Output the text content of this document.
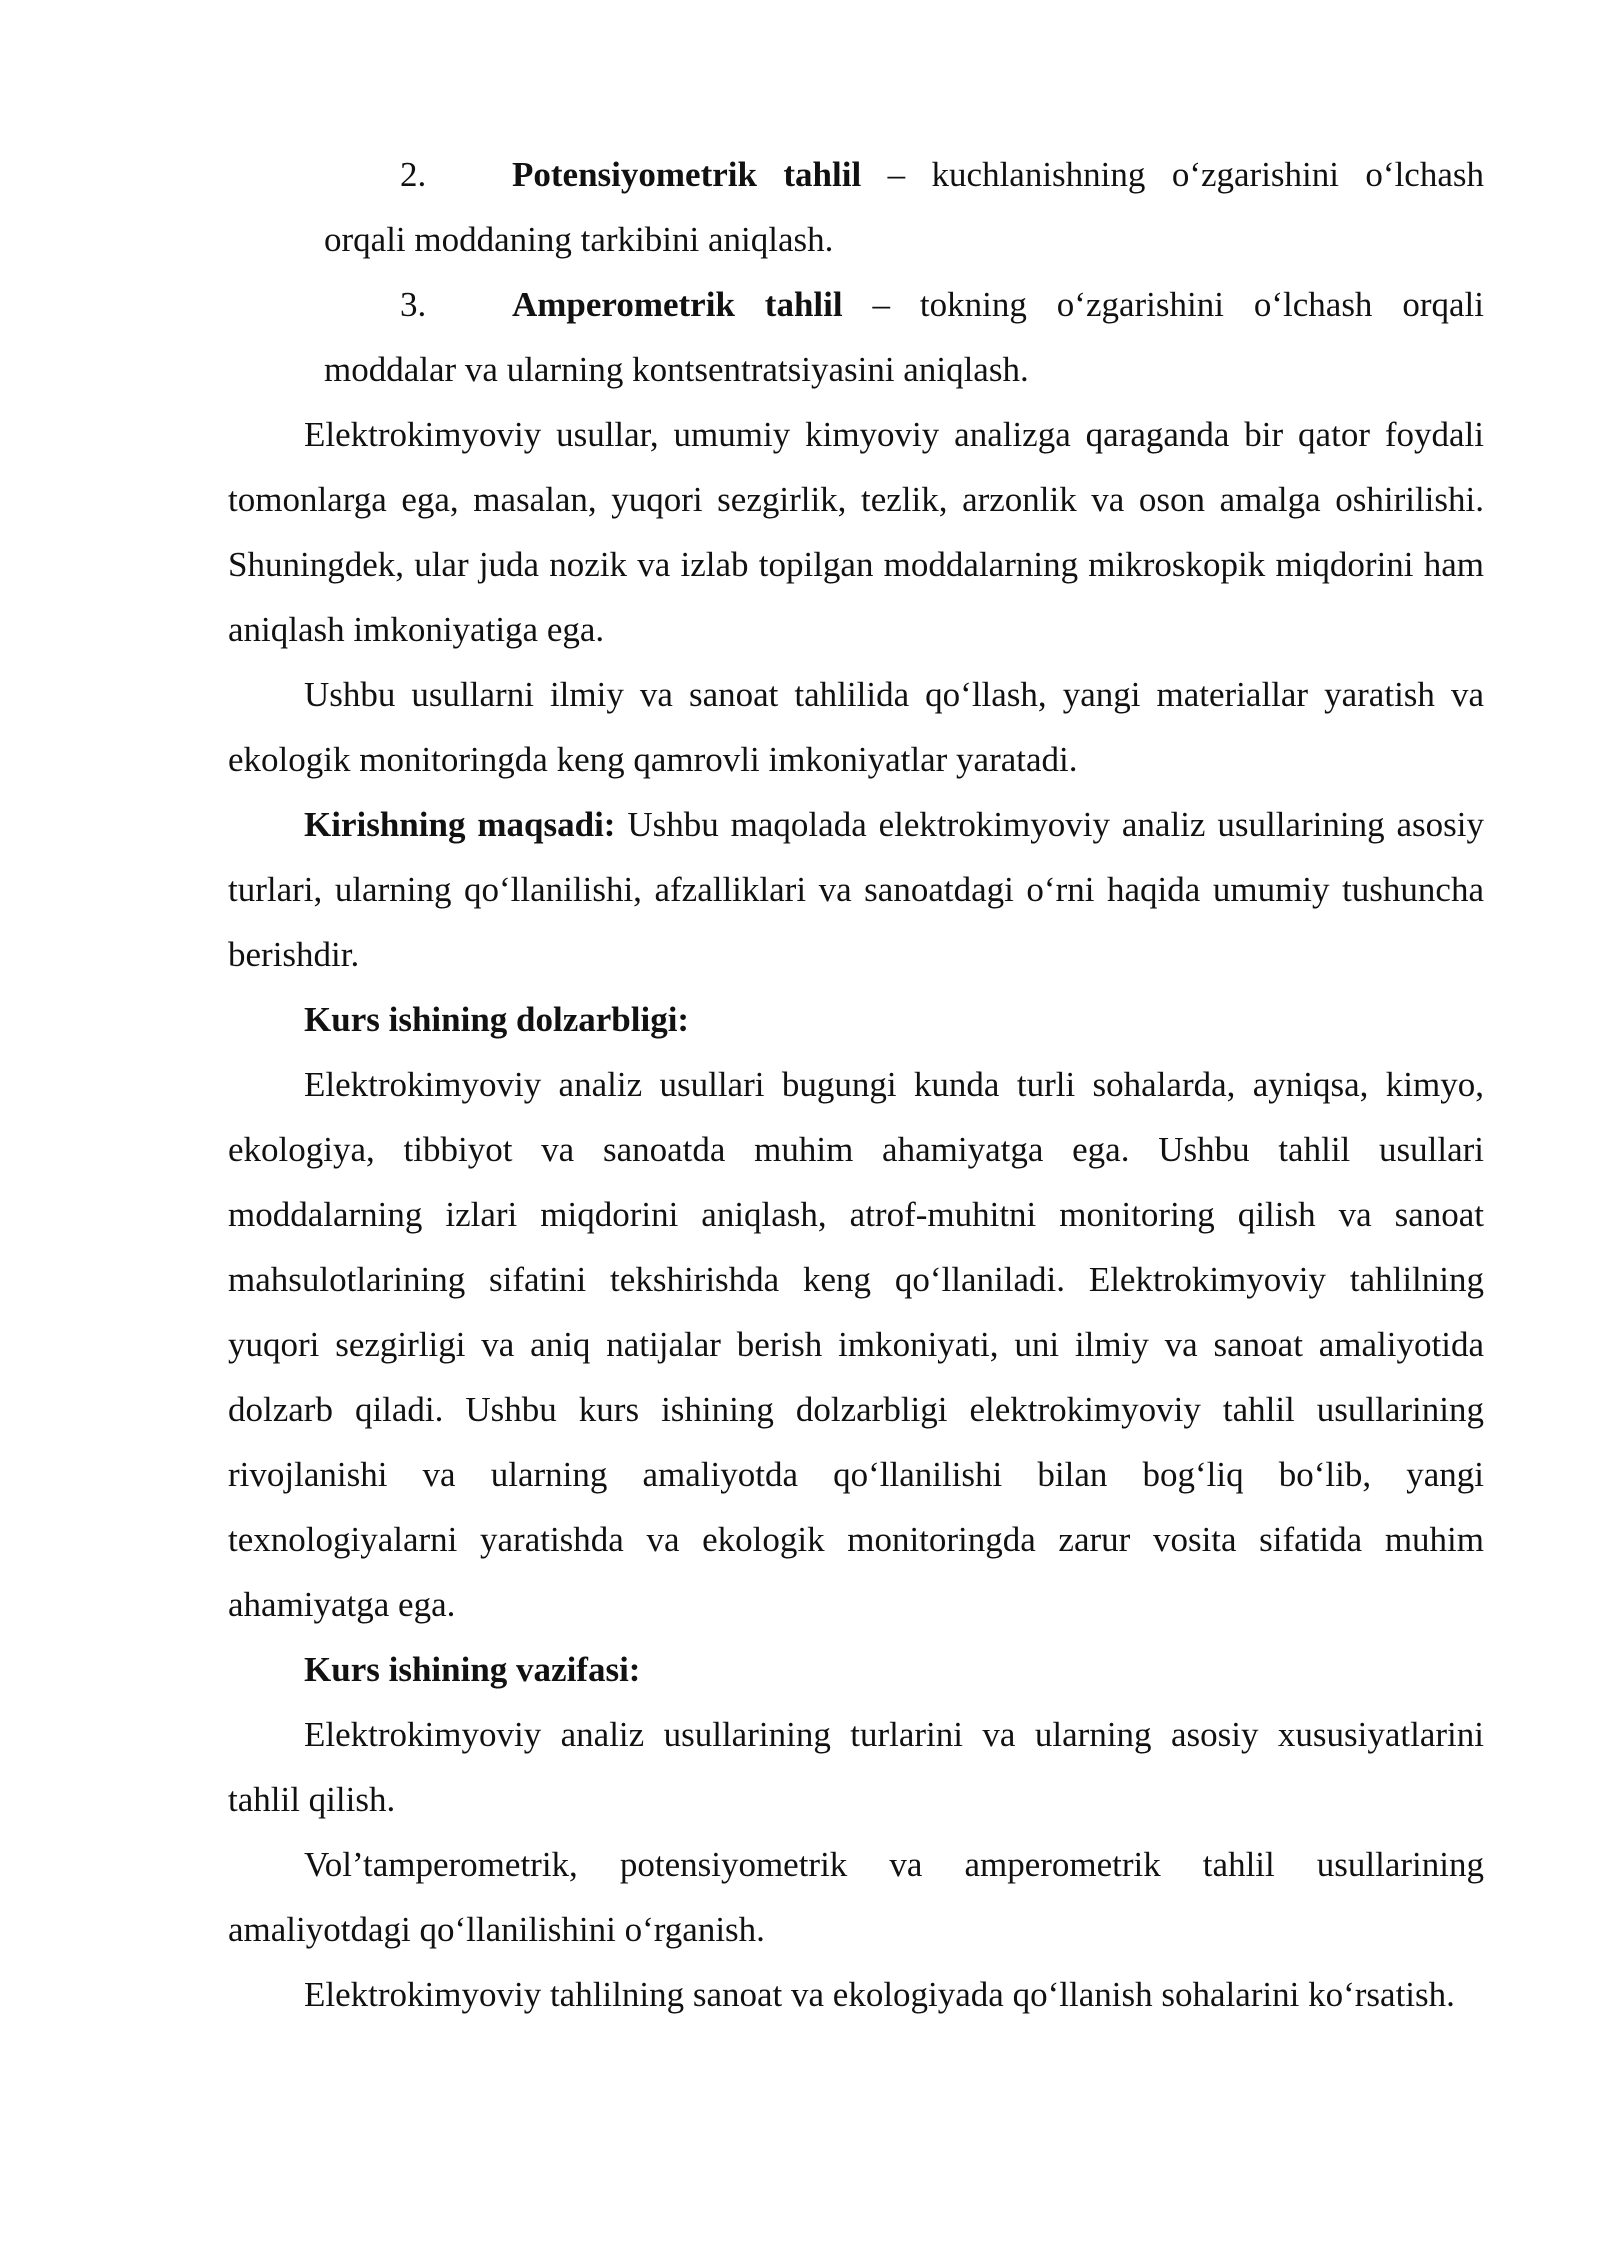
2.	Potensiyometrik tahlil – kuchlanishning o‘zgarishini o‘lchash
orqali moddaning tarkibini aniqlash.
3.	Amperometrik tahlil – tokning o‘zgarishini o‘lchash orqali
moddalar va ularning kontsentratsiyasini aniqlash.

Elektrokimyoviy usullar, umumiy kimyoviy analizga qaraganda bir qator foydali tomonlarga ega, masalan, yuqori sezgirlik, tezlik, arzonlik va oson amalga oshirilishi. Shuningdek, ular juda nozik va izlab topilgan moddalarning mikroskopik miqdorini ham aniqlash imkoniyatiga ega.

Ushbu usullarni ilmiy va sanoat tahlilida qo‘llash, yangi materiallar yaratish va ekologik monitoringda keng qamrovli imkoniyatlar yaratadi.

Kirishning maqsadi: Ushbu maqolada elektrokimyoviy analiz usullarining asosiy turlari, ularning qo‘llanilishi, afzalliklari va sanoatdagi o‘rni haqida umumiy tushuncha berishdir.

Kurs ishining dolzarbligi:

Elektrokimyoviy analiz usullari bugungi kunda turli sohalarda, ayniqsa, kimyo, ekologiya, tibbiyot va sanoatda muhim ahamiyatga ega. Ushbu tahlil usullari moddalarning izlari miqdorini aniqlash, atrof-muhitni monitoring qilish va sanoat mahsulotlarining sifatini tekshirishda keng qo‘llaniladi. Elektrokimyoviy tahlilning yuqori sezgirligi va aniq natijalar berish imkoniyati, uni ilmiy va sanoat amaliyotida dolzarb qiladi. Ushbu kurs ishining dolzarbligi elektrokimyoviy tahlil usullarining rivojlanishi va ularning amaliyotda qo‘llanilishi bilan bog‘liq bo‘lib, yangi texnologiyalarni yaratishda va ekologik monitoringda zarur vosita sifatida muhim ahamiyatga ega.

Kurs ishining vazifasi:

Elektrokimyoviy analiz usullarining turlarini va ularning asosiy xususiyatlarini tahlil qilish.

Vol’tamperometrik, potensiyometrik va amperometrik tahlil usullarining amaliyotdagi qo‘llanilishini o‘rganish.

Elektrokimyoviy tahlilning sanoat va ekologiyada qo‘llanish sohalarini ko‘rsatish.
